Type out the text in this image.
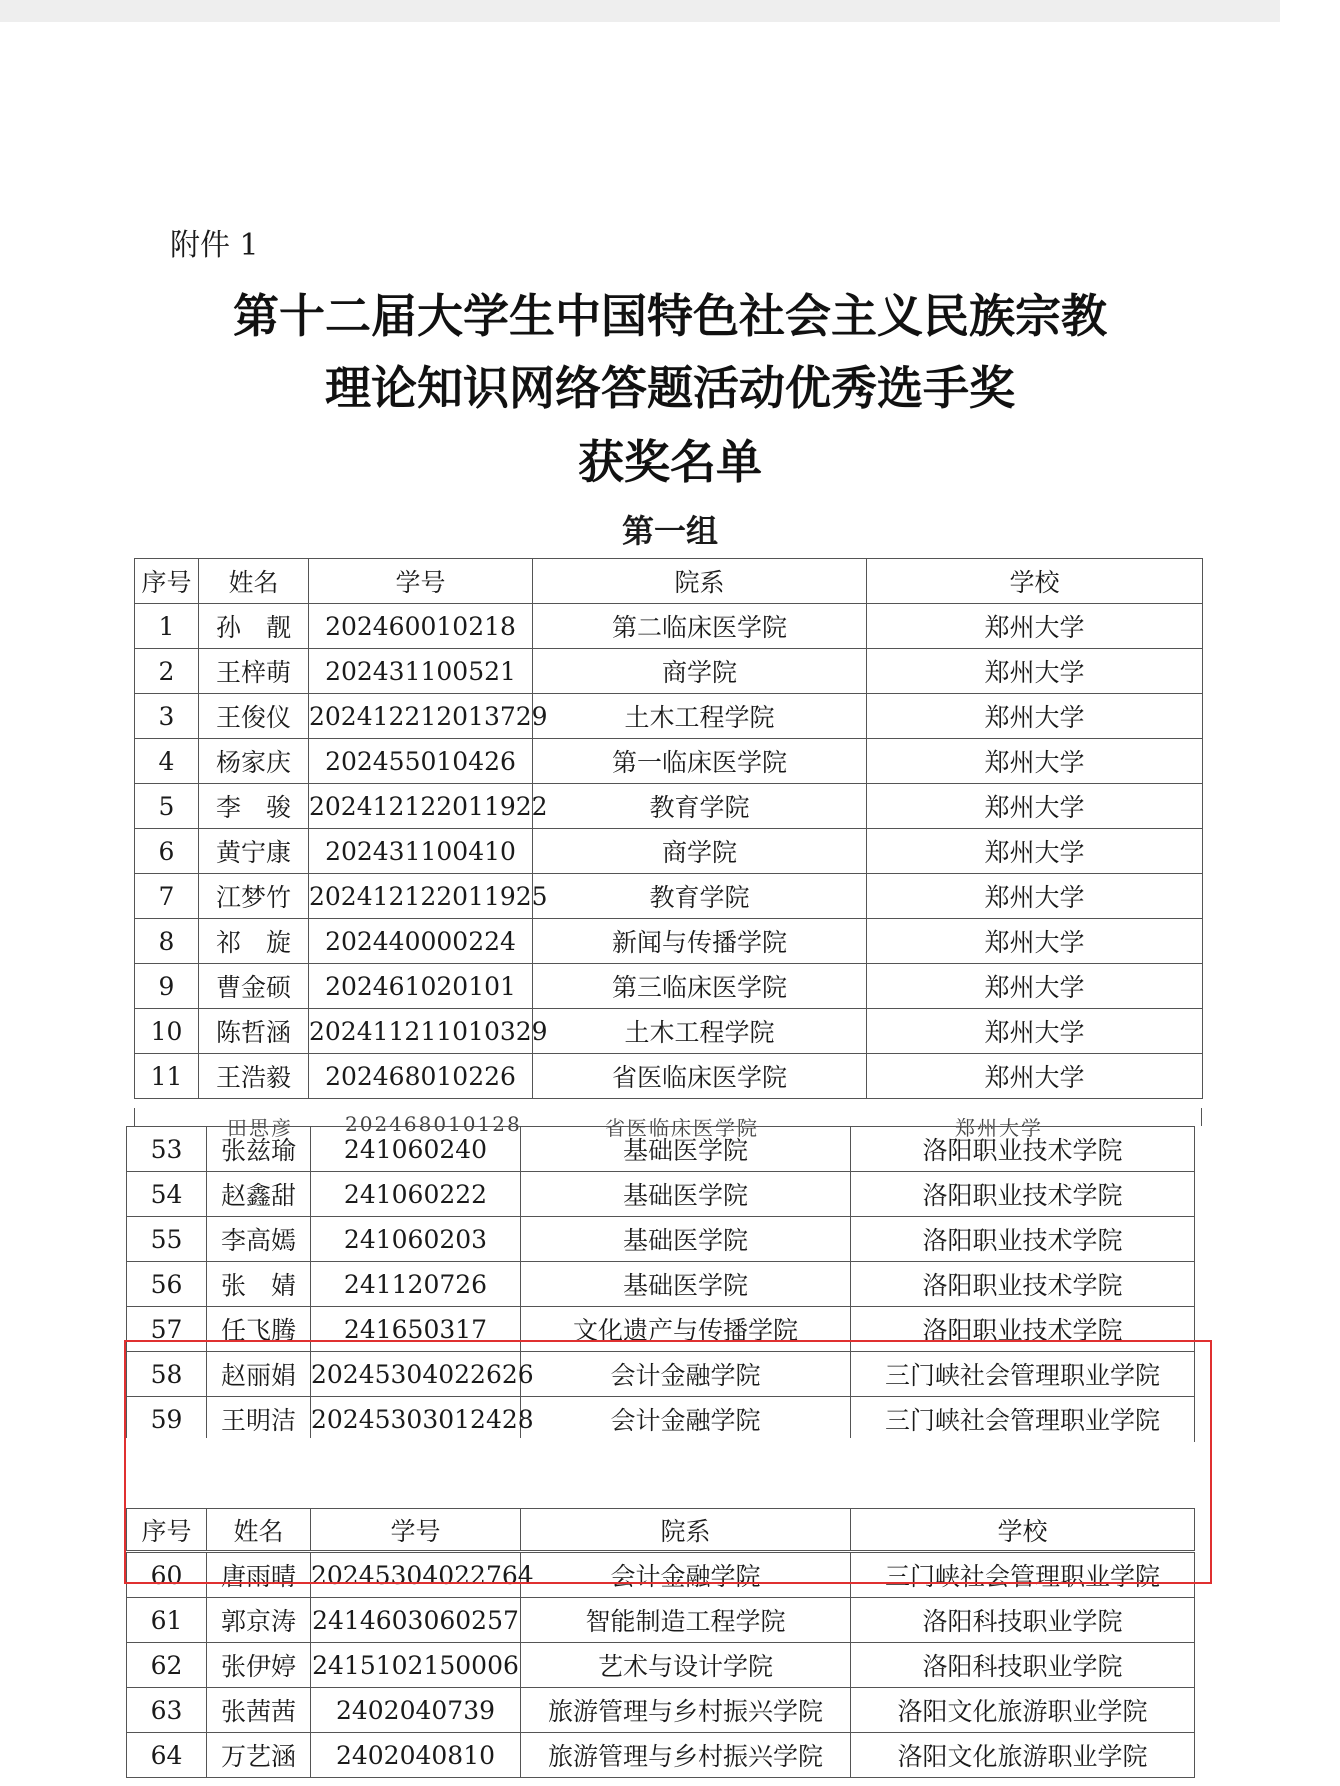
附件 1
第十二届大学生中国特色社会主义民族宗教
理论知识网络答题活动优秀选手奖
获奖名单
第一组
序号	姓名	学号	院系	学校
1	孙　靓	20246001021​8	第二临床医学院	郑州大学
2	王梓萌	202431100521	商学院	郑州大学
3	王俊仪	20241221201372​9	土木工程学院	郑州大学
4	杨家庆	202455010426	第一临床医学院	郑州大学
5	李　骏	202412122011922	教育学院	郑州大学
6	黄宁康	202431100410	商学院	郑州大学
7	江梦竹	202412122011925	教育学院	郑州大学
8	祁　旋	202440000224	新闻与传播学院	郑州大学
9	曹金硕	202461020101	第三临床医学院	郑州大学
10	陈哲涵	202411211010329	土木工程学院	郑州大学
11	王浩毅	202468010226	省医临床医学院	郑州大学
田思彦	202468010128	省医临床医学院	郑州大学
53	张兹瑜	241060240	基础医学院	洛阳职业技术学院
54	赵鑫甜	241060222	基础医学院	洛阳职业技术学院
55	李高嫣	241060203	基础医学院	洛阳职业技术学院
56	张　婧	241120726	基础医学院	洛阳职业技术学院
57	任飞腾	241650317	文化遗产与传播学院	洛阳职业技术学院
58	赵丽娟	20245304022626	会计金融学院	三门峡社会管理职业学院
59	王明洁	20245303012428	会计金融学院	三门峡社会管理职业学院
序号	姓名	学号	院系	学校
60	唐雨晴	20245304022764	会计金融学院	三门峡社会管理职业学院
61	郭京涛	2414603060257	智能制造工程学院	洛阳科技职业学院
62	张伊婷	2415102150006	艺术与设计学院	洛阳科技职业学院
63	张茜茜	2402040739	旅游管理与乡村振兴学院	洛阳文化旅游职业学院
64	万艺涵	2402040810	旅游管理与乡村振兴学院	洛阳文化旅游职业学院
